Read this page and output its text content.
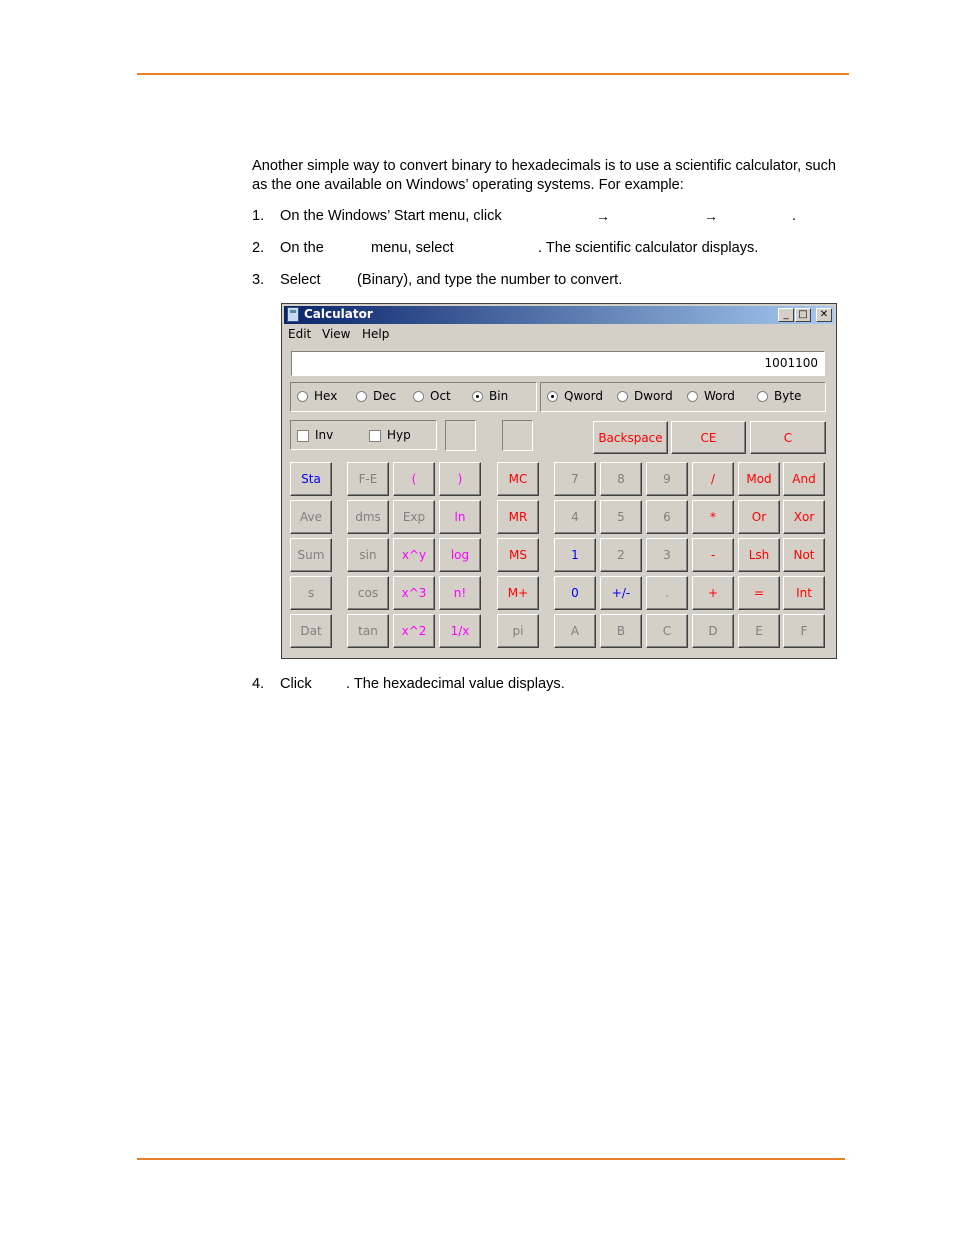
Another simple way to convert binary to hexadecimals is to use a scientific calculator, such as the one available on Windows’ operating systems. For example:
1. On the Windows’ Start menu, click	→	→	.
2. On the	menu, select	. The scientific calculator displays.
3. Select (Binary), and type the number to convert.
Calculator	_ □	✕
Edit View Help
1001100
Hex	Dec	Oct	Bin	Qword	Dword	Word	Byte
Inv	Hyp	Backspace	CE	C
Sta	F-E	(	)	MC	7	8	9	/	Mod	And
Ave	dms	Exp	ln	MR	4	5	6	*	Or	Xor
Sum	sin	x^y	log	MS	1	2	3	-	Lsh	Not
s	cos	x^3	n!	M+	0	+/-	.	+	=	Int
Dat	tan	x^2	1/x	pi	A	B	C	D	E	F
4. Click . The hexadecimal value displays.
